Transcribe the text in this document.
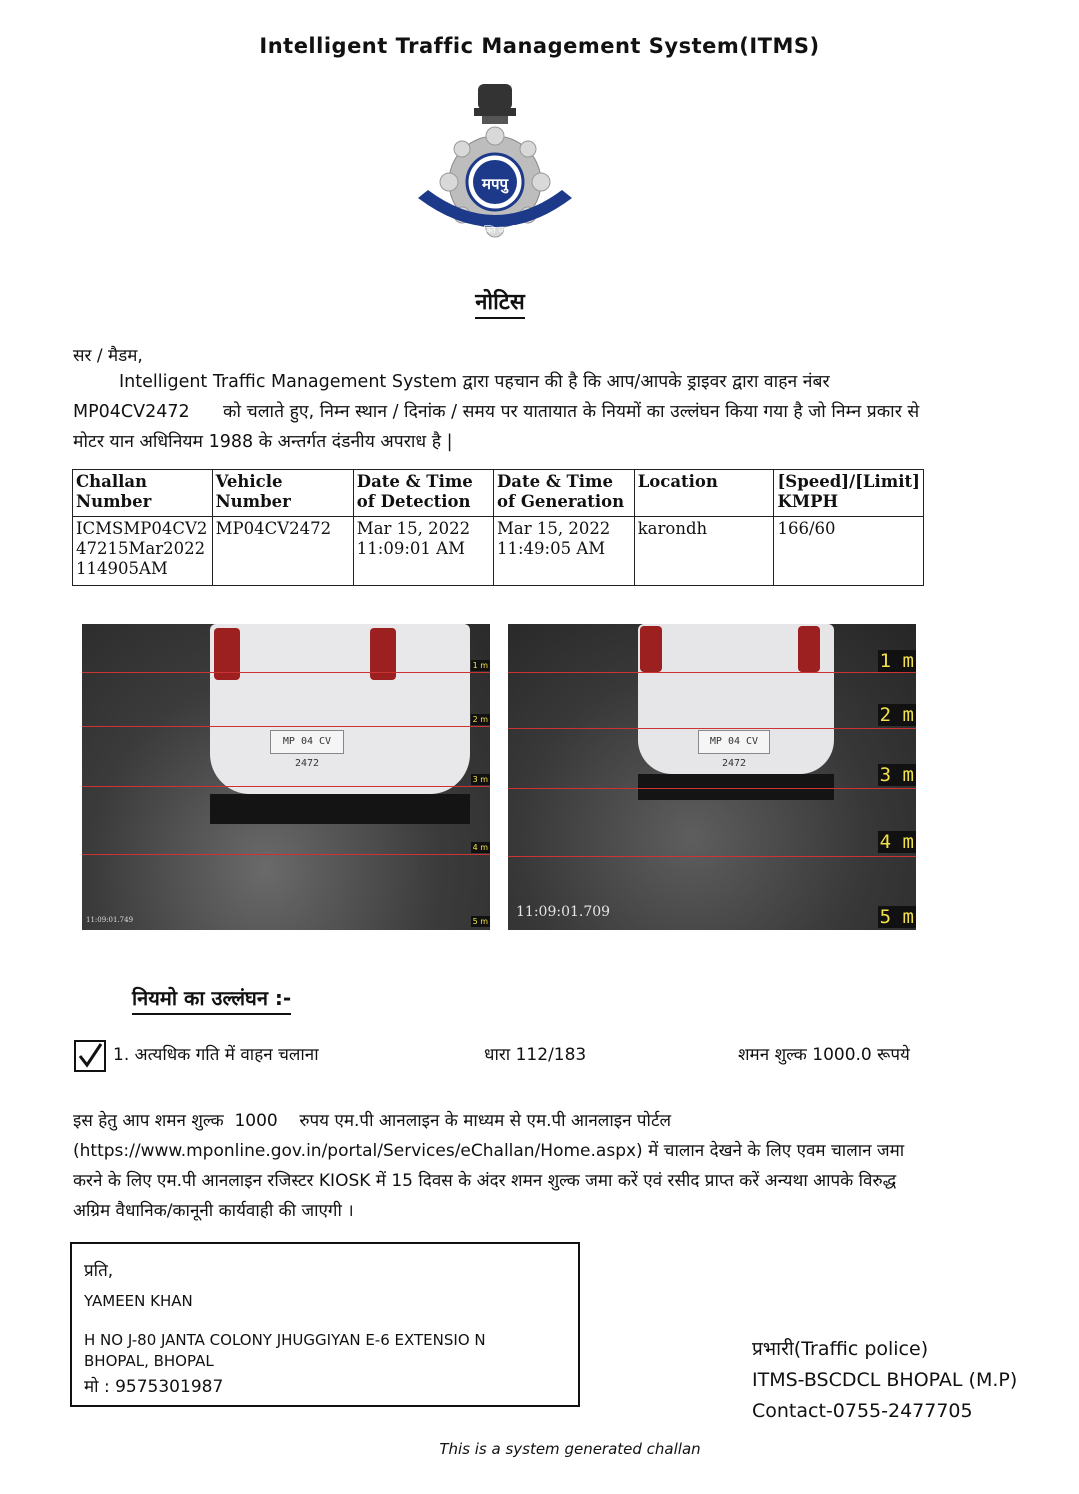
Intelligent Traffic Management System(ITMS)
मपपु
देशभक्ति जनसेवा
नोटिस
सर / मैडम,
Intelligent Traffic Management System द्वारा पहचान की है कि आप/आपके ड्राइवर द्वारा वाहन नंबर
MP04CV2472 को चलाते हुए, निम्न स्थान / दिनांक / समय पर यातायात के नियमों का उल्लंघन किया गया है जो निम्न प्रकार से मोटर यान अधिनियम 1988 के अन्तर्गत दंडनीय अपराध है |
Challan Number	Vehicle Number	Date & Time of Detection	Date & Time of Generation	Location	[Speed]/[Limit] KMPH
ICMSMP04CV247215Mar2022114905AM	MP04CV2472	Mar 15, 2022 11:09:01 AM	Mar 15, 2022 11:49:05 AM	karondh	166/60
MP 04 CV 2472
1 m
2 m
3 m
4 m
5 m
11:09:01.749
MP 04 CV 2472
1 m
2 m
3 m
4 m
5 m
11:09:01.709
नियमो का उल्लंघन :-
1. अत्यधिक गति में वाहन चलाना	धारा 112/183	शमन शुल्क 1000.0 रूपये
इस हेतु आप शमन शुल्क 1000 रुपय एम.पी आनलाइन के माध्यम से एम.पी आनलाइन पोर्टल (https://www.mponline.gov.in/portal/Services/eChallan/Home.aspx) में चालान देखने के लिए एवम चालान जमा करने के लिए एम.पी आनलाइन रजिस्टर KIOSK में 15 दिवस के अंदर शमन शुल्क जमा करें एवं रसीद प्राप्त करें अन्यथा आपके विरुद्ध अग्रिम वैधानिक/कानूनी कार्यवाही की जाएगी ।
प्रति,
YAMEEN KHAN
H NO J-80 JANTA COLONY JHUGGIYAN E-6 EXTENSIO N BHOPAL, BHOPAL
मो : 9575301987
प्रभारी(Traffic police)
ITMS-BSCDCL BHOPAL (M.P)
Contact-0755-2477705
This is a system generated challan
